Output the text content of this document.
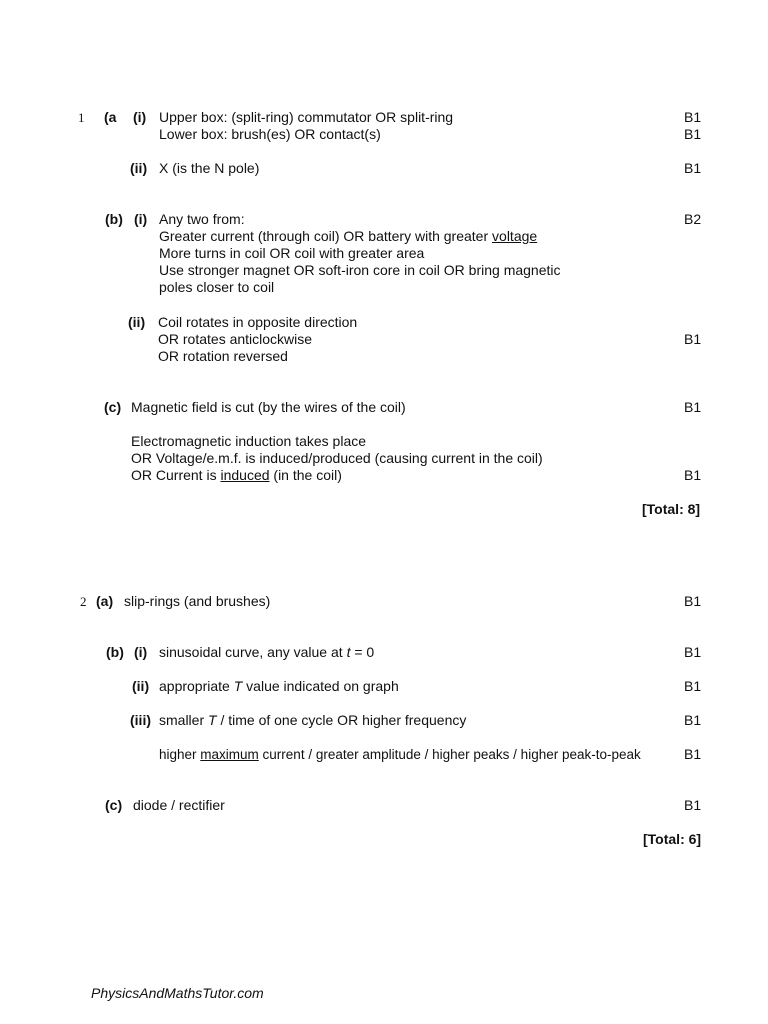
1 (a (i) Upper box: (split-ring) commutator OR split-ring	B1
Lower box: brush(es) OR contact(s)	B1
(ii) X (is the N pole)	B1
(b) (i) Any two from:	B2
Greater current (through coil) OR battery with greater voltage
More turns in coil OR coil with greater area
Use stronger magnet OR soft-iron core in coil OR bring magnetic
poles closer to coil
(ii) Coil rotates in opposite direction
OR rotates anticlockwise	B1
OR rotation reversed
(c) Magnetic field is cut (by the wires of the coil)	B1
Electromagnetic induction takes place
OR Voltage/e.m.f. is induced/produced (causing current in the coil)
OR Current is induced (in the coil)	B1
[Total: 8]
2 (a) slip-rings (and brushes)	B1
(b) (i) sinusoidal curve, any value at t = 0	B1
(ii) appropriate T value indicated on graph	B1
(iii) smaller T / time of one cycle OR higher frequency	B1
higher maximum current / greater amplitude / higher peaks / higher peak-to-peak	B1
(c) diode / rectifier	B1
[Total: 6]
PhysicsAndMathsTutor.com
